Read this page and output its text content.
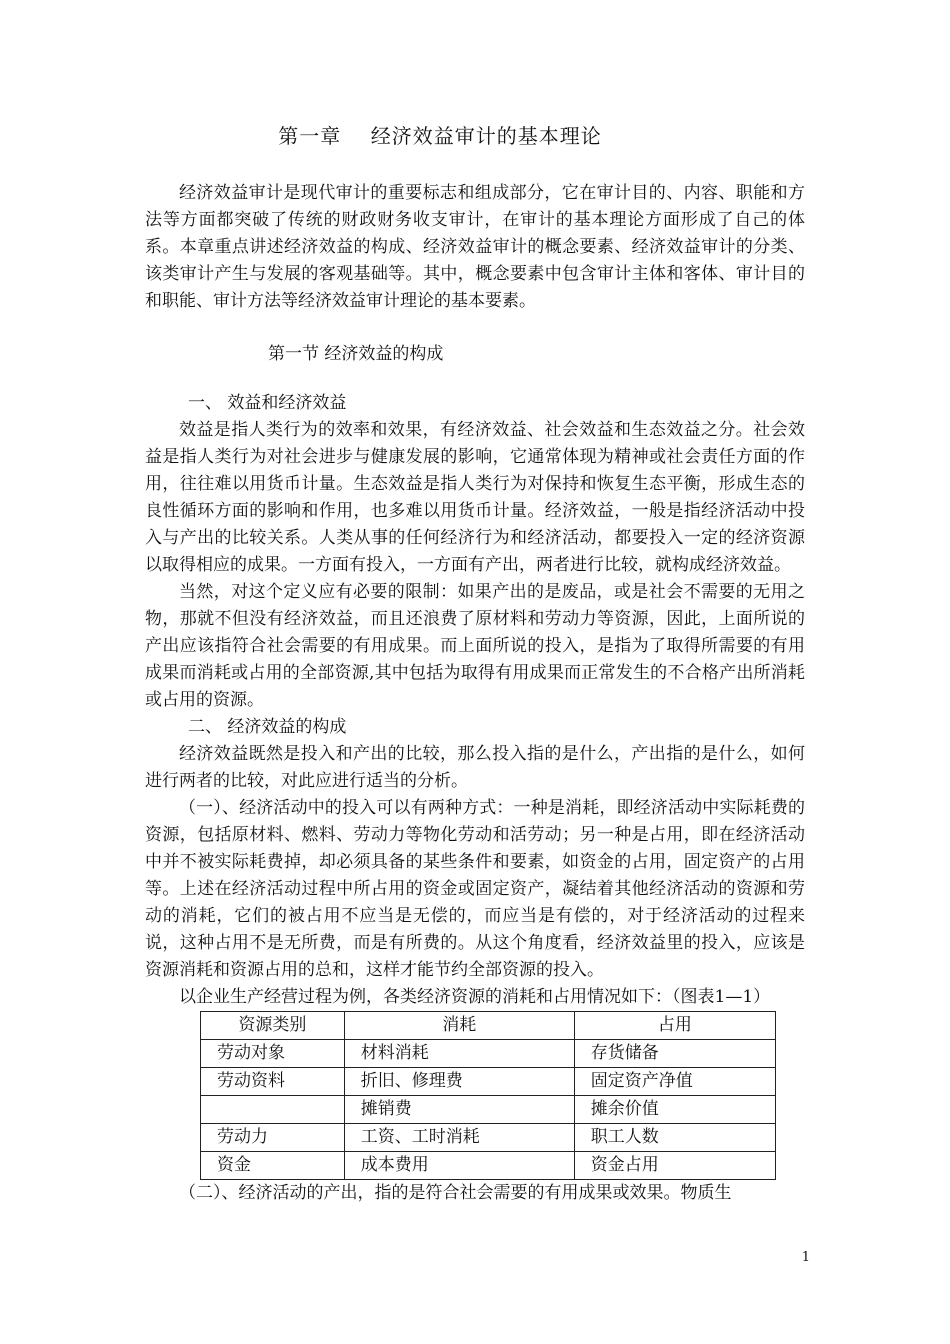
第一章    经济效益审计的基本理论

经济效益审计是现代审计的重要标志和组成部分，它在审计目的、内容、职能和方法等方面都突破了传统的财政财务收支审计，在审计的基本理论方面形成了自己的体系。本章重点讲述经济效益的构成、经济效益审计的概念要素、经济效益审计的分类、该类审计产生与发展的客观基础等。其中，概念要素中包含审计主体和客体、审计目的和职能、审计方法等经济效益审计理论的基本要素。

第一节 经济效益的构成

一、 效益和经济效益

效益是指人类行为的效率和效果，有经济效益、社会效益和生态效益之分。社会效益是指人类行为对社会进步与健康发展的影响，它通常体现为精神或社会责任方面的作用，往往难以用货币计量。生态效益是指人类行为对保持和恢复生态平衡，形成生态的良性循环方面的影响和作用，也多难以用货币计量。经济效益，一般是指经济活动中投入与产出的比较关系。人类从事的任何经济行为和经济活动，都要投入一定的经济资源以取得相应的成果。一方面有投入，一方面有产出，两者进行比较，就构成经济效益。

当然，对这个定义应有必要的限制：如果产出的是废品，或是社会不需要的无用之物，那就不但没有经济效益，而且还浪费了原材料和劳动力等资源，因此，上面所说的产出应该指符合社会需要的有用成果。而上面所说的投入，是指为了取得所需要的有用成果而消耗或占用的全部资源,其中包括为取得有用成果而正常发生的不合格产出所消耗或占用的资源。

二、 经济效益的构成

经济效益既然是投入和产出的比较，那么投入指的是什么，产出指的是什么，如何进行两者的比较，对此应进行适当的分析。

（一）、经济活动中的投入可以有两种方式：一种是消耗，即经济活动中实际耗费的资源，包括原材料、燃料、劳动力等物化劳动和活劳动；另一种是占用，即在经济活动中并不被实际耗费掉，却必须具备的某些条件和要素，如资金的占用，固定资产的占用等。上述在经济活动过程中所占用的资金或固定资产，凝结着其他经济活动的资源和劳动的消耗，它们的被占用不应当是无偿的，而应当是有偿的，对于经济活动的过程来说，这种占用不是无所费，而是有所费的。从这个角度看，经济效益里的投入，应该是资源消耗和资源占用的总和，这样才能节约全部资源的投入。

以企业生产经营过程为例，各类经济资源的消耗和占用情况如下：（图表1—1）

资源类别	消耗	占用
劳动对象	材料消耗	存货储备
劳动资料	折旧、修理费	固定资产净值
	摊销费	摊余价值
劳动力	工资、工时消耗	职工人数
资金	成本费用	资金占用

（二）、经济活动的产出，指的是符合社会需要的有用成果或效果。物质生

1
